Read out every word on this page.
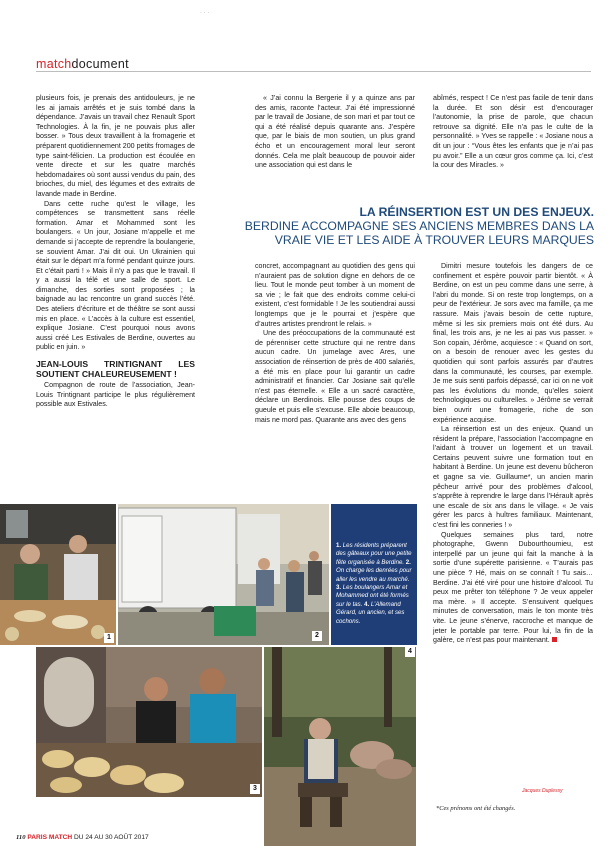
· · ·
matchdocument

plusieurs fois, je prenais des antidouleurs, je ne les ai jamais arrêtés et je suis tombé dans la dépendance. J’avais un travail chez Renault Sport Technologies. À la fin, je ne pouvais plus aller bosser. » Tous deux travaillent à la fromagerie et préparent quotidiennement 200 petits fromages de type saint-félicien. La production est écoulée en vente directe et sur les quatre marchés hebdomadaires où sont aussi vendus du pain, des brioches, du miel, des légumes et des extraits de lavande made in Berdine.

Dans cette ruche qu’est le village, les compétences se transmettent sans réelle formation. Amar et Mohammed sont les boulangers. « Un jour, Josiane m’appelle et me demande si j’accepte de reprendre la boulangerie, se souvient Amar. J’ai dit oui. Un Ukrainien qui était sur le départ m’a formé pendant quinze jours. Et c’était parti ! » Mais il n’y a pas que le travail. Il y a aussi la télé et une salle de sport. Le dimanche, des sorties sont proposées ; la baignade au lac rencontre un grand succès l’été. Des ateliers d’écriture et de théâtre se sont aussi mis en place. « L’accès à la culture est essentiel, explique Josiane. C’est pourquoi nous avons aussi créé Les Estivales de Berdine, ouvertes au public en juin. »

JEAN-LOUIS TRINTIGNANT LES SOUTIENT CHALEUREUSEMENT !

Compagnon de route de l’association, Jean-Louis Trintignant participe le plus régulièrement possible aux Estivales.

« J’ai connu la Bergerie il y a quinze ans par des amis, raconte l’acteur. J’ai été impressionné par le travail de Josiane, de son mari et par tout ce qui a été réalisé depuis quarante ans. J’espère que, par le biais de mon soutien, un plus grand écho et un encouragement moral leur seront donnés. Cela me plaît beaucoup de pouvoir aider une association qui est dans le

abîmés, respect ! Ce n’est pas facile de tenir dans la durée. Et son désir est d’encourager l’autonomie, la prise de parole, que chacun retrouve sa dignité. Elle n’a pas le culte de la personnalité. » Yves se rappelle : « Josiane nous a dit un jour : “Vous êtes les enfants que je n’ai pas pu avoir.” Elle a un cœur gros comme ça. Ici, c’est la cour des Miracles. »

LA RÉINSERTION EST UN DES ENJEUX.
BERDINE ACCOMPAGNE SES ANCIENS MEMBRES DANS LA VRAIE VIE ET LES AIDE À TROUVER LEURS MARQUES

concret, accompagnant au quotidien des gens qui n’auraient pas de solution digne en dehors de ce lieu. Tout le monde peut tomber à un moment de sa vie ; le fait que des endroits comme celui-ci existent, c’est formidable ! Je les soutiendrai aussi longtemps que je le pourrai et j’espère que d’autres artistes prendront le relais. »

Une des préoccupations de la communauté est de pérenniser cette structure qui ne rentre dans aucun cadre. Un jumelage avec Ares, une association de réinsertion de près de 400 salariés, a été mis en place pour lui garantir un cadre administratif et financier. Car Josiane sait qu’elle n’est pas éternelle. « Elle a un sacré caractère, déclare un Berdinois. Elle pousse des coups de gueule et puis elle s’excuse. Elle aboie beaucoup, mais ne mord pas. Quarante ans avec des gens

Dimitri mesure toutefois les dangers de ce confinement et espère pouvoir partir bientôt. « À Berdine, on est un peu comme dans une serre, à l’abri du monde. Si on reste trop longtemps, on a peur de l’extérieur. Je sors avec ma famille, ça me rassure. Mais j’avais besoin de cette rupture, même si les six premiers mois ont été durs. Au final, les trois ans, je ne les ai pas vus passer. » Son copain, Jérôme, acquiesce : « Quand on sort, on a besoin de renouer avec les gestes du quotidien qui sont parfois assurés par d’autres dans la communauté, les courses, par exemple. Je me suis senti parfois dépassé, car ici on ne voit pas les évolutions du monde, qu’elles soient technologiques ou culturelles. » Jérôme se verrait bien ouvrir une fromagerie, riche de son expérience acquise.

La réinsertion est un des enjeux. Quand un résident la prépare, l’association l’accompagne en l’aidant à trouver un logement et un travail. Certains peuvent suivre une formation tout en habitant à Berdine. Un jeune est devenu bûcheron et gagne sa vie. Guillaume*, un ancien marin pêcheur arrivé pour des problèmes d’alcool, s’apprête à reprendre le large dans l’Hérault après une escale de six ans dans le village. « Je vais gérer les parcs à huîtres familiaux. Maintenant, c’est fini les conneries ! »

Quelques semaines plus tard, notre photographe, Gwenn Dubourthoumieu, est interpellé par un jeune qui fait la manche à la sortie d’une supérette parisienne. « T’aurais pas une pièce ? Hé, mais on se connaît ! Tu sais… Berdine. J’ai été viré pour une histoire d’alcool. Tu peux me prêter ton téléphone ? Je veux appeler ma mère. » Il accepte. S’ensuivent quelques minutes de conversation, mais le ton monte très vite. Le jeune s’énerve, raccroche et manque de jeter le portable par terre. Pour lui, la fin de la galère, ce n’est pas pour maintenant.

1	2
1. Les résidents préparent des gâteaux pour une petite fête organisée à Berdine. 2. On charge les denrées pour aller les vendre au marché. 3. Les boulangers Amar et Mohammed ont été formés sur le tas. 4. L’Allemand Gérard, un ancien, et ses cochons.
3
4
Jacques Duplessy
*Ces prénoms ont été changés.
110 PARIS MATCH DU 24 AU 30 AOÛT 2017
